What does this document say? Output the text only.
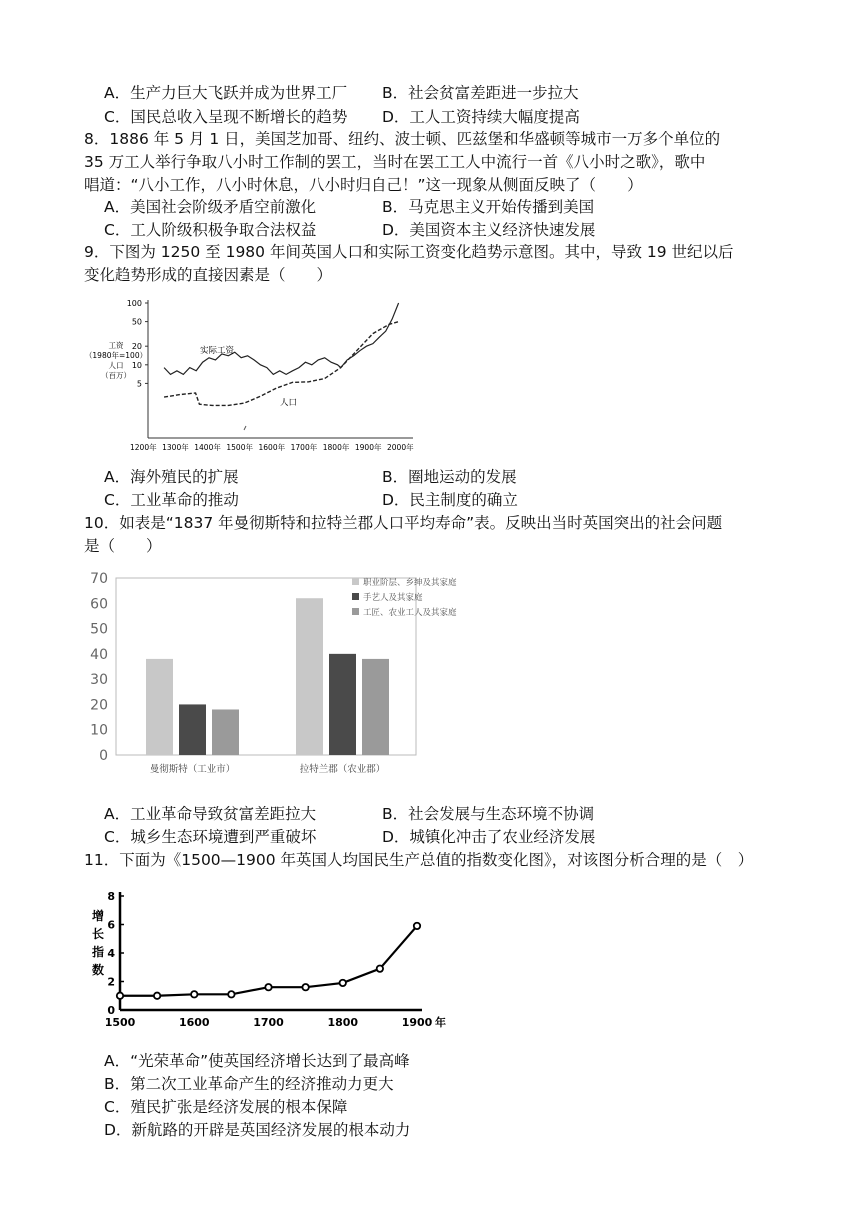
A．生产力巨大飞跃并成为世界工厂 B．社会贫富差距进一步拉大
C．国民总收入呈现不断增长的趋势 D．工人工资持续大幅度提高
8．1886 年 5 月 1 日，美国芝加哥、纽约、波士顿、匹兹堡和华盛顿等城市一万多个单位的
35 万工人举行争取八小时工作制的罢工，当时在罢工工人中流行一首《八小时之歌》，歌中
唱道：“八小工作，八小时休息，八小时归自己！”这一现象从侧面反映了（　　）
A．美国社会阶级矛盾空前激化	B．马克思主义开始传播到美国
C．工人阶级积极争取合法权益	D．美国资本主义经济快速发展
9．下图为 1250 至 1980 年间英国人口和实际工资变化趋势示意图。其中，导致 19 世纪以后
变化趋势形成的直接因素是（　　）
5
10
20
50
100
工资
（1980年=100）
人口
（百万）
1200年 1300年 1400年 1500年 1600年 1700年 1800年 1900年 2000年
实际工资
人口
A．海外殖民的扩展	B．圈地运动的发展
C．工业革命的推动	D．民主制度的确立
10．如表是“1837 年曼彻斯特和拉特兰郡人口平均寿命”表。反映出当时英国突出的社会问题
是（　　）
0
10
20
30
40
50
60
70
曼彻斯特（工业市）	拉特兰郡（农业郡）
职业阶层、乡绅及其家庭
手艺人及其家庭
工匠、农业工人及其家庭
A．工业革命导致贫富差距拉大	B．社会发展与生态环境不协调
C．城乡生态环境遭到严重破坏	D．城镇化冲击了农业经济发展
11．下面为《1500—1900 年英国人均国民生产总值的指数变化图》，对该图分析合理的是（　）
0
2
4
6
8
增
长
指
数
1500	1600	1700	1800	1900 年
A．“光荣革命”使英国经济增长达到了最高峰
B．第二次工业革命产生的经济推动力更大
C．殖民扩张是经济发展的根本保障
D．新航路的开辟是英国经济发展的根本动力
